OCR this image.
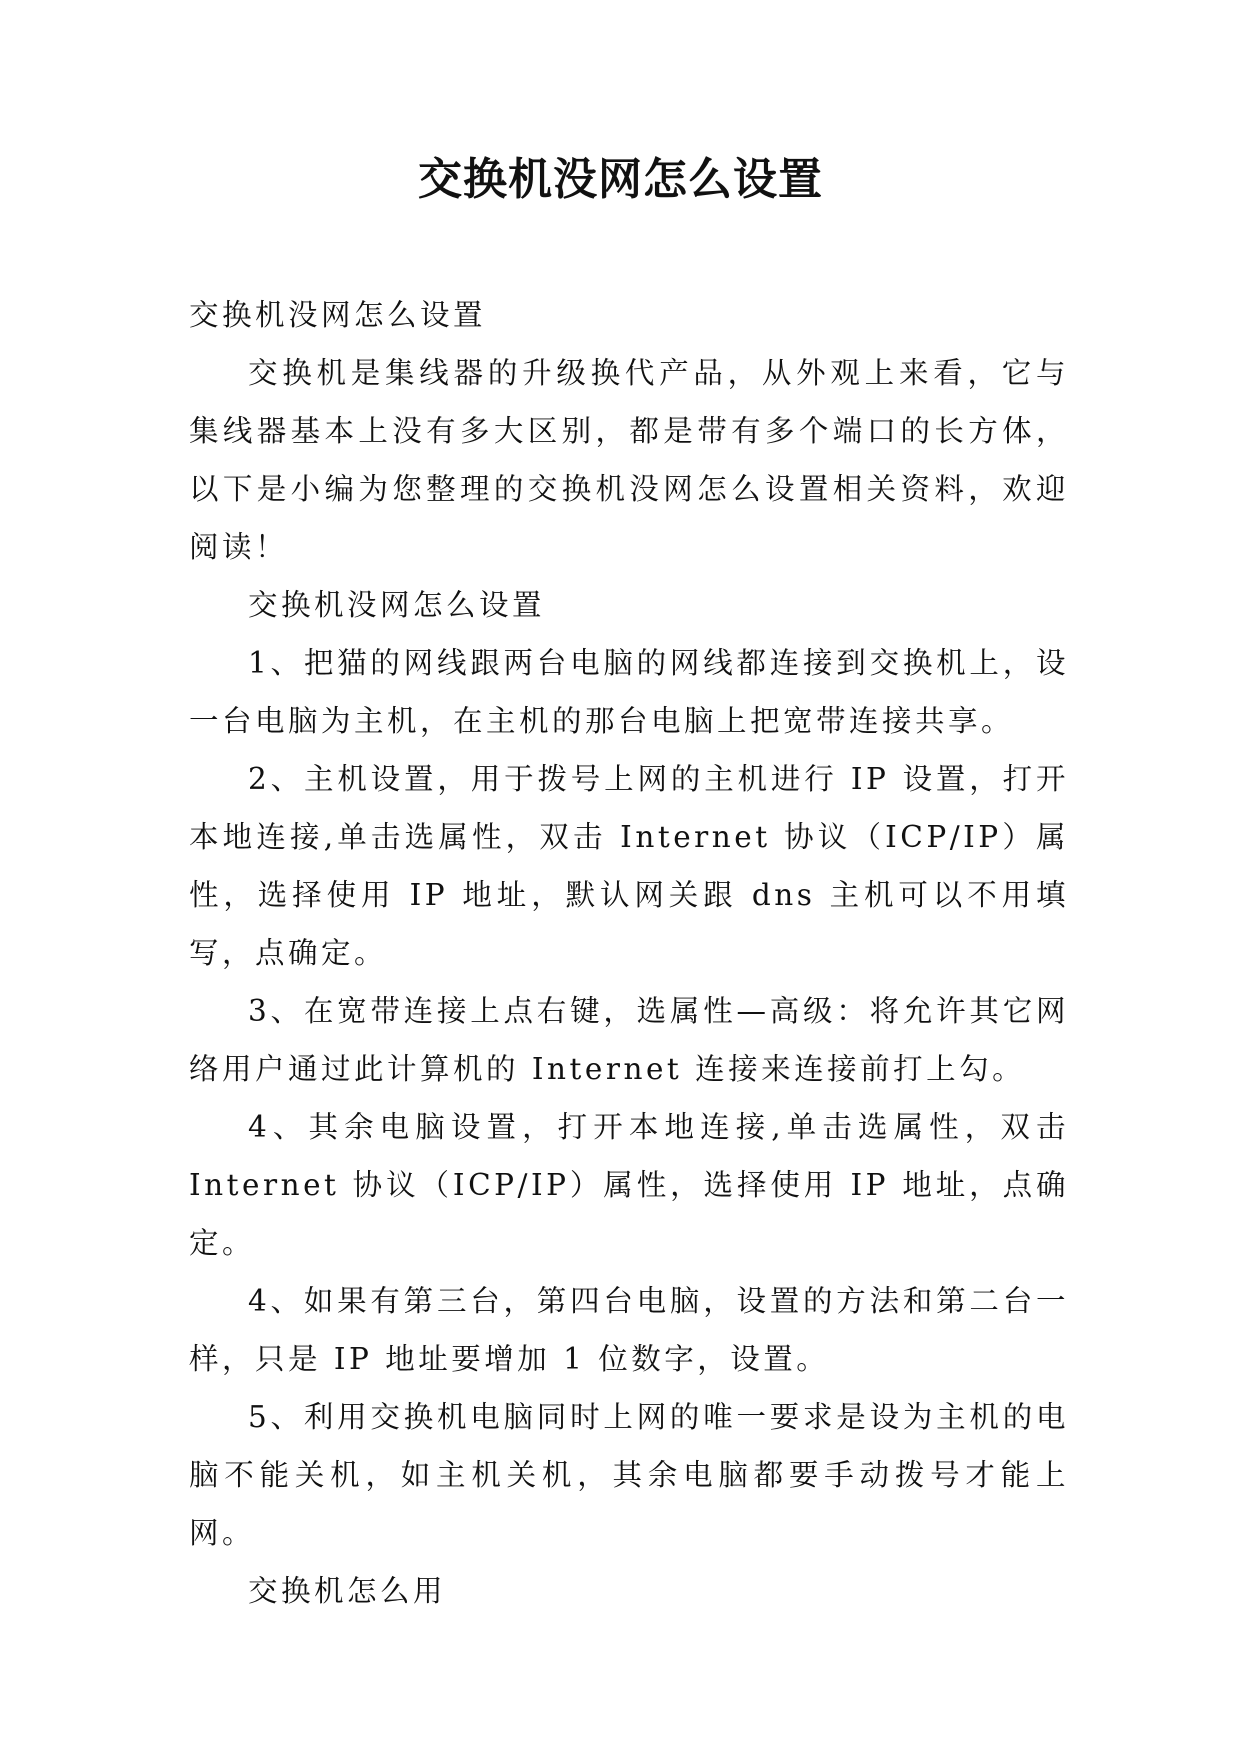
交换机没网怎么设置

交换机没网怎么设置

交换机是集线器的升级换代产品，从外观上来看，它与集线器基本上没有多大区别，都是带有多个端口的长方体，以下是小编为您整理的交换机没网怎么设置相关资料，欢迎阅读！

交换机没网怎么设置

1、把猫的网线跟两台电脑的网线都连接到交换机上，设一台电脑为主机，在主机的那台电脑上把宽带连接共享。

2、主机设置，用于拨号上网的主机进行 IP 设置，打开本地连接,单击选属性，双击 Internet 协议（ICP/IP）属性，选择使用 IP 地址，默认网关跟 dns 主机可以不用填写，点确定。

3、在宽带连接上点右键，选属性—高级：将允许其它网络用户通过此计算机的 Internet 连接来连接前打上勾。

4、其余电脑设置，打开本地连接,单击选属性，双击 Internet 协议（ICP/IP）属性，选择使用 IP 地址，点确定。

4、如果有第三台，第四台电脑，设置的方法和第二台一样，只是 IP 地址要增加 1 位数字，设置。

5、利用交换机电脑同时上网的唯一要求是设为主机的电脑不能关机，如主机关机，其余电脑都要手动拨号才能上网。

交换机怎么用
